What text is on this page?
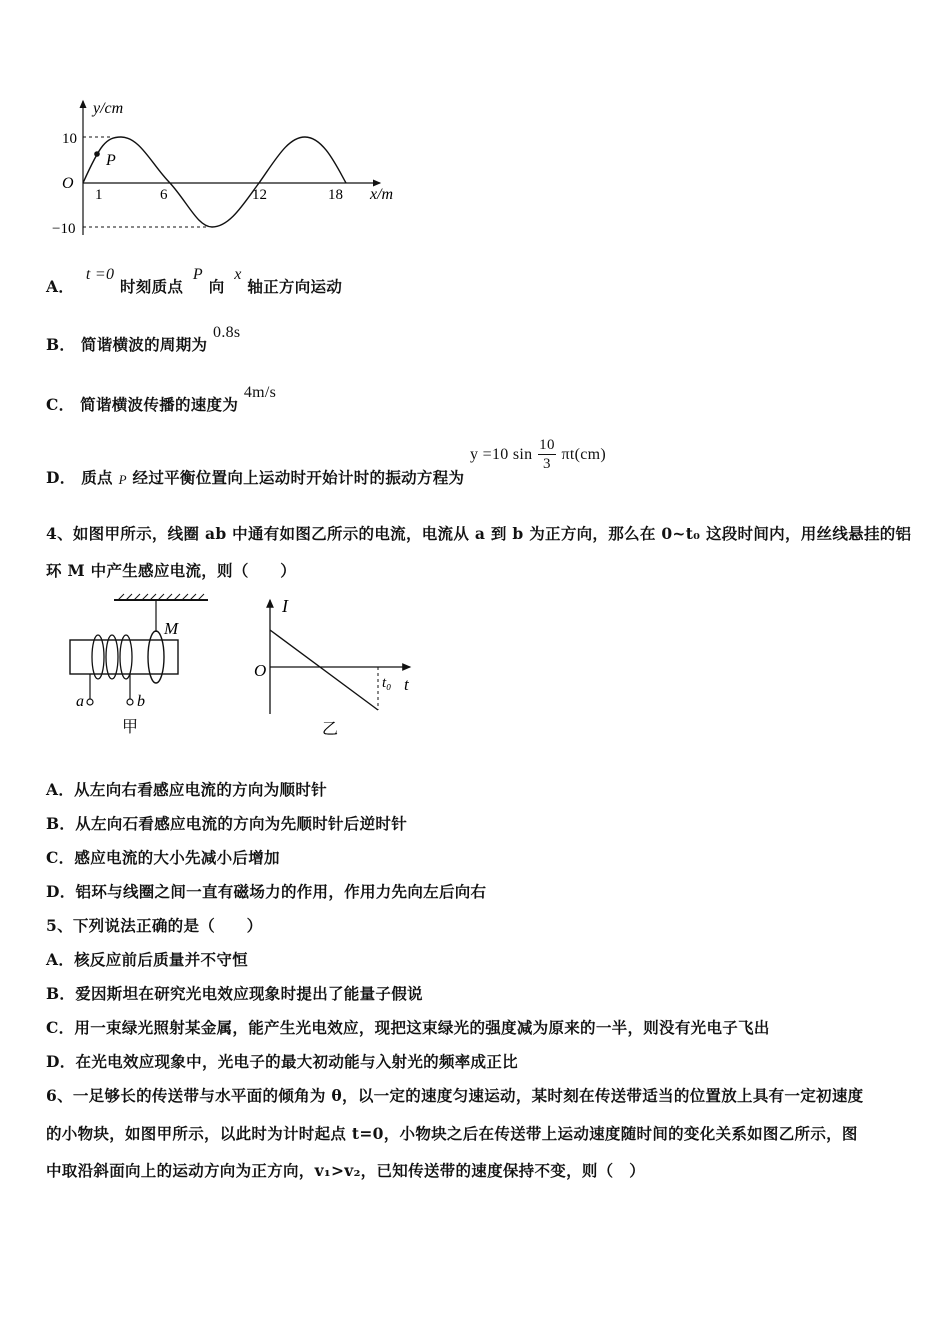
y/cm
x/m
O
10
−10
1	6	12	18
P
A． t =0 时刻质点 P 向 x 轴正方向运动
B． 简谐横波的周期为 0.8s
C． 简谐横波传播的速度为 4m/s
D． 质点 $_P$ 经过平衡位置向上运动时开始计时的振动方程为 y =10 $\sin \frac{10}{3} \pi t(cm)$
4、如图甲所示，线圈 ab 中通有如图乙所示的电流，电流从 a 到 b 为正方向，那么在 0~t₀ 这段时间内，用丝线悬挂的铝
环 M 中产生感应电流，则（　　）
M
a	b
甲
I
t
O
t₀
乙
A．从左向右看感应电流的方向为顺时针
B．从左向石看感应电流的方向为先顺时针后逆时针
C．感应电流的大小先减小后增加
D．铝环与线圈之间一直有磁场力的作用，作用力先向左后向右
5、下列说法正确的是（　　）
A．核反应前后质量并不守恒
B．爱因斯坦在研究光电效应现象时提出了能量子假说
C．用一束绿光照射某金属，能产生光电效应，现把这束绿光的强度减为原来的一半，则没有光电子飞出
D．在光电效应现象中，光电子的最大初动能与入射光的频率成正比
6、一足够长的传送带与水平面的倾角为 θ，以一定的速度匀速运动，某时刻在传送带适当的位置放上具有一定初速度
的小物块，如图甲所示，以此时为计时起点 t=0，小物块之后在传送带上运动速度随时间的变化关系如图乙所示，图
中取沿斜面向上的运动方向为正方向，v₁>v₂，已知传送带的速度保持不变，则（　）
